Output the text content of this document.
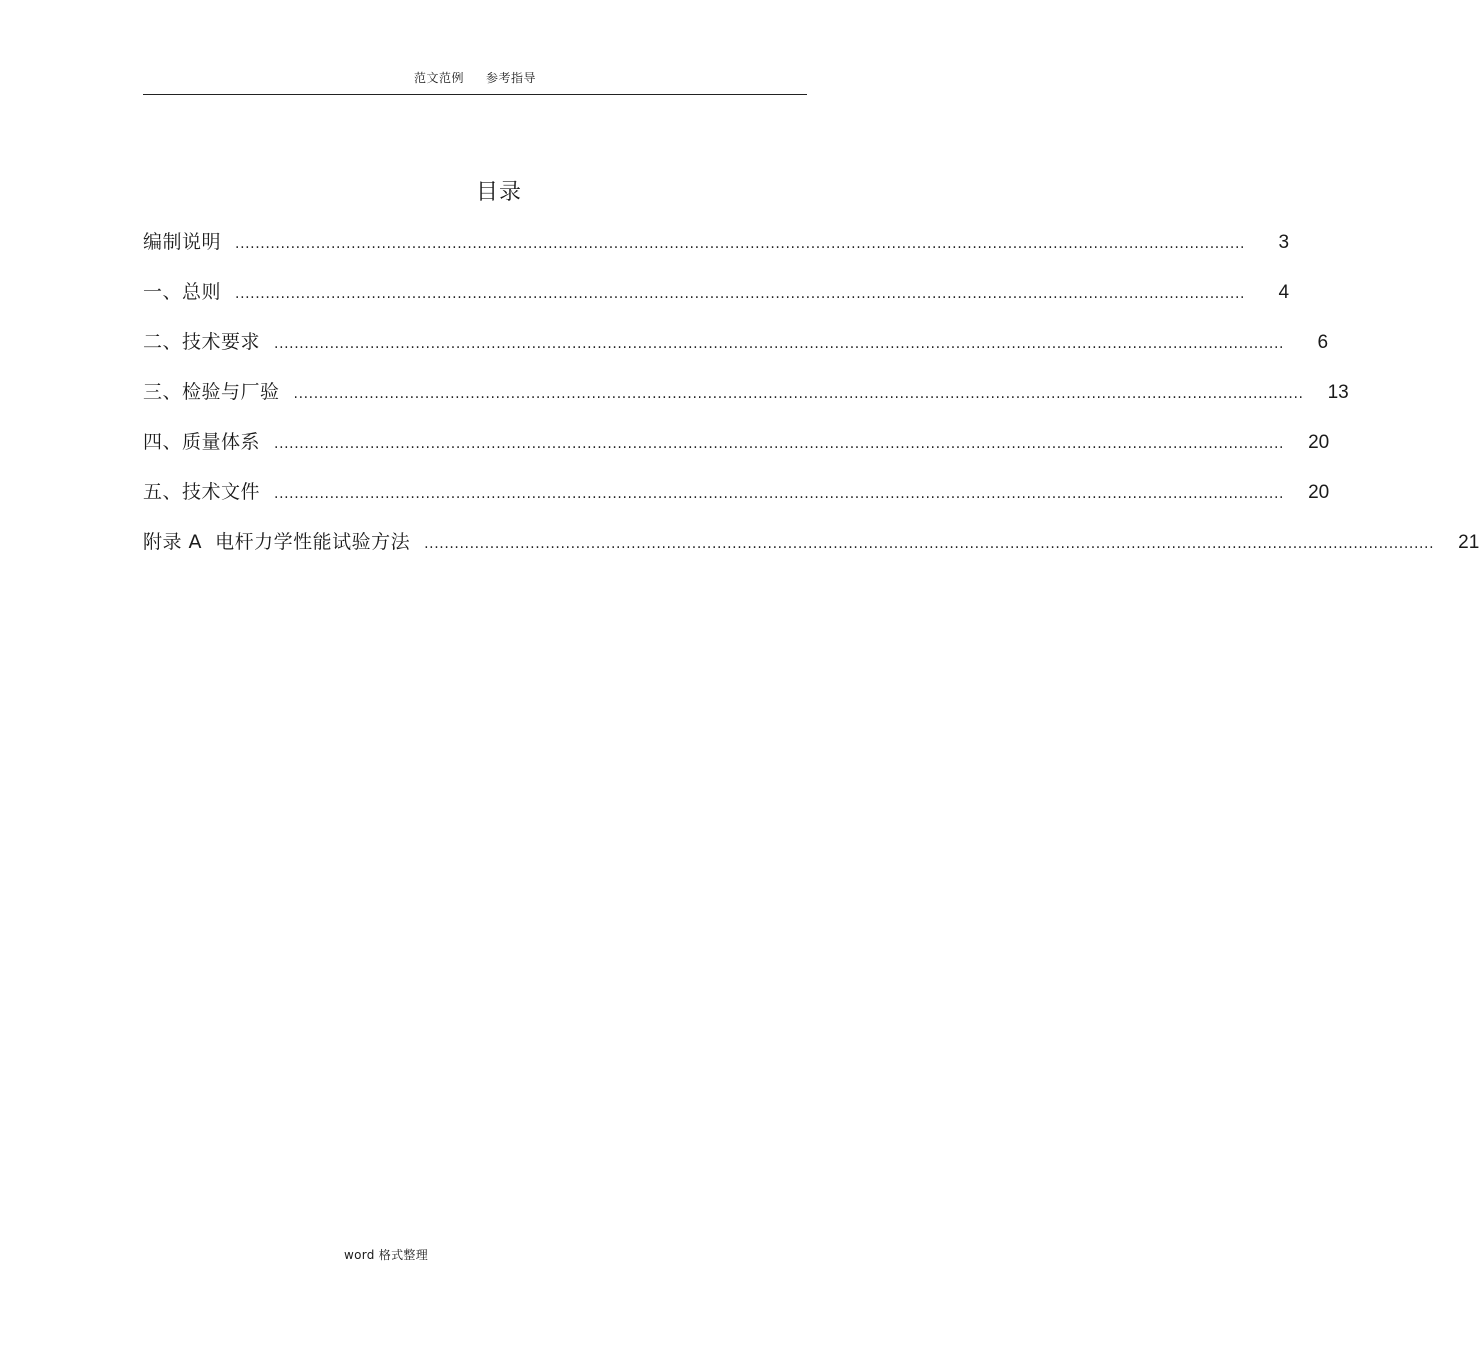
范文范例 参考指导
目录
编制说明 ........................................................................................................................................................................................................	3
一、总则 ........................................................................................................................................................................................................	4
二、技术要求 ........................................................................................................................................................................................................	6
三、检验与厂验 ........................................................................................................................................................................................................ 13
四、质量体系 ........................................................................................................................................................................................................ 20
五、技术文件 ........................................................................................................................................................................................................ 20
附录 A  电杆力学性能试验方法 ........................................................................................................................................................................................................ 21
word 格式整理
